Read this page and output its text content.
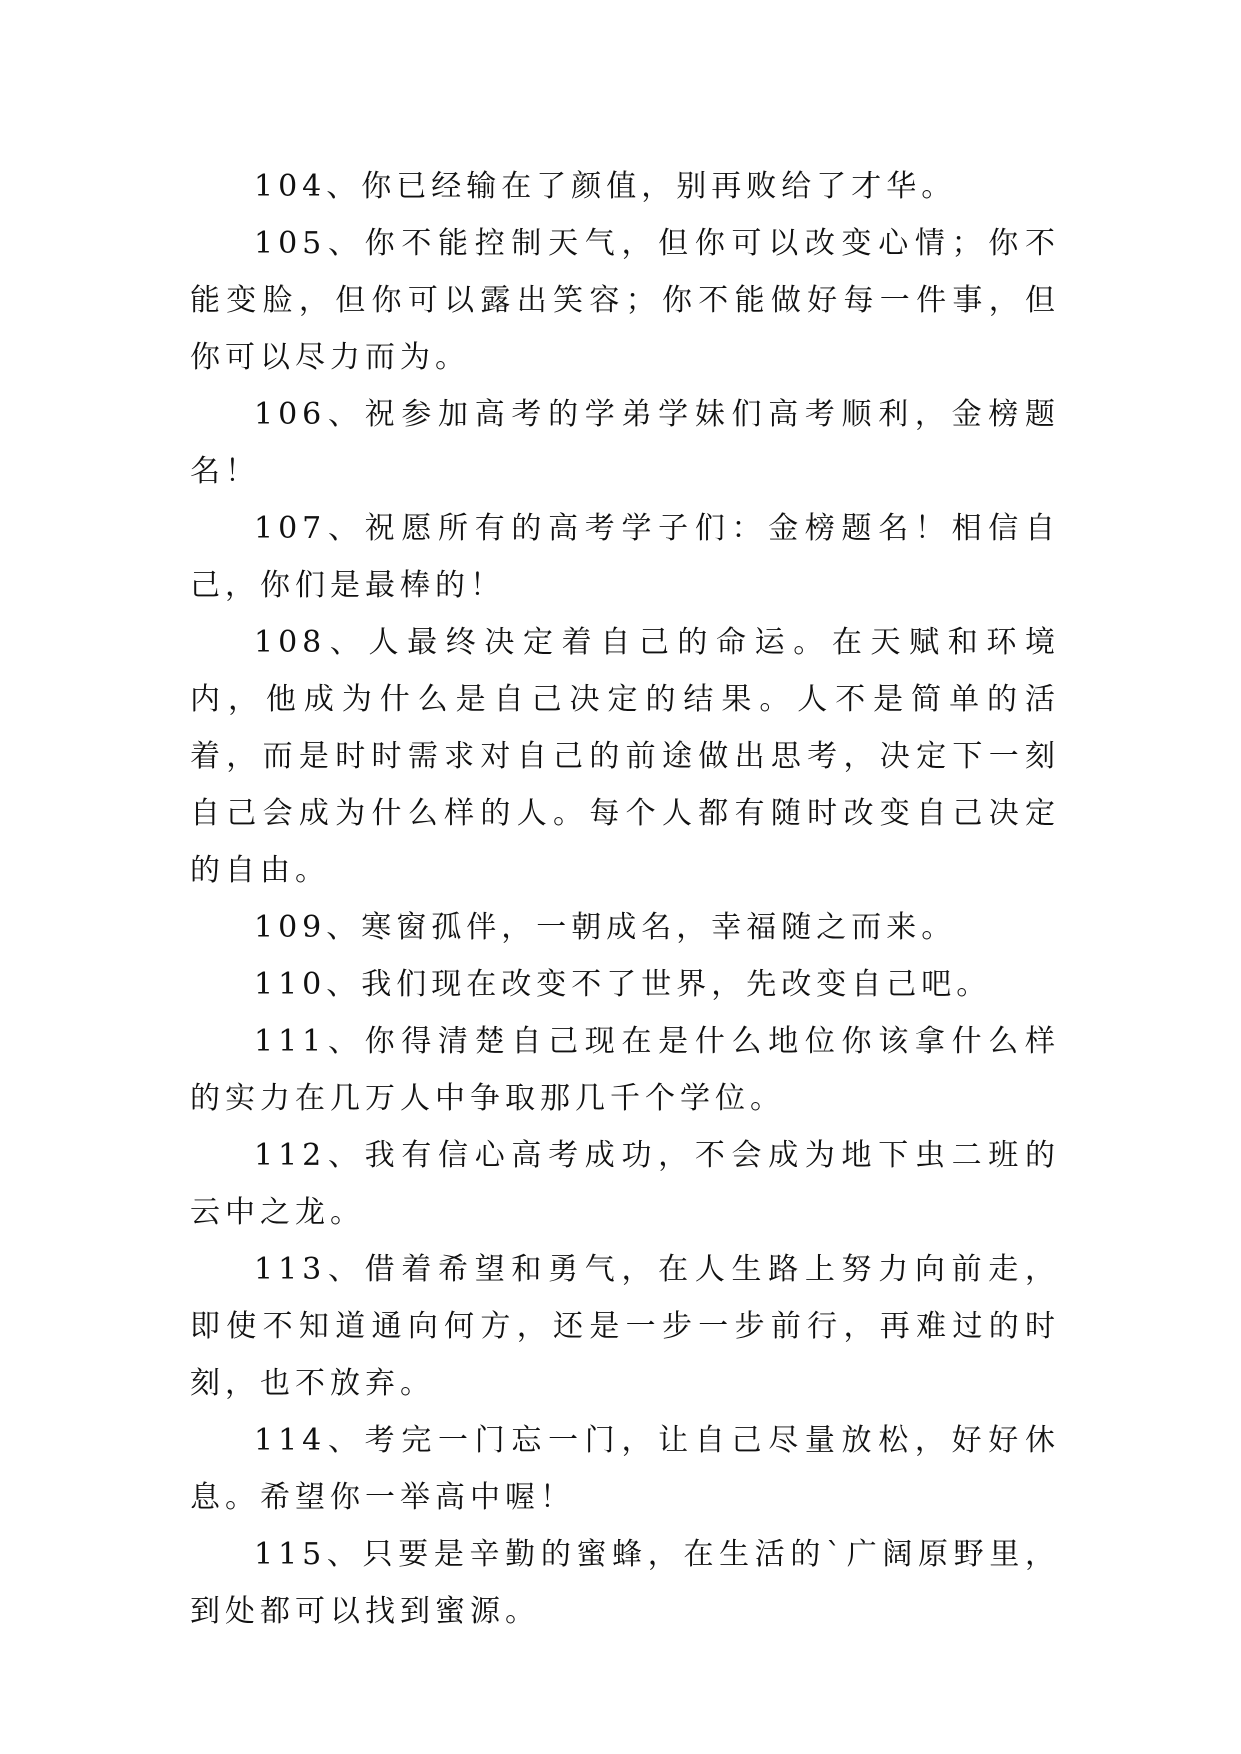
104、你已经输在了颜值，别再败给了才华。

105、你不能控制天气，但你可以改变心情；你不能变脸，但你可以露出笑容；你不能做好每一件事，但你可以尽力而为。

106、祝参加高考的学弟学妹们高考顺利，金榜题名！

107、祝愿所有的高考学子们：金榜题名！相信自己，你们是最棒的！

108、人最终决定着自己的命运。在天赋和环境内，他成为什么是自己决定的结果。人不是简单的活着，而是时时需求对自己的前途做出思考，决定下一刻自己会成为什么样的人。每个人都有随时改变自己决定的自由。

109、寒窗孤伴，一朝成名，幸福随之而来。

110、我们现在改变不了世界，先改变自己吧。

111、你得清楚自己现在是什么地位你该拿什么样的实力在几万人中争取那几千个学位。

112、我有信心高考成功，不会成为地下虫二班的云中之龙。

113、借着希望和勇气，在人生路上努力向前走，即使不知道通向何方，还是一步一步前行，再难过的时刻，也不放弃。

114、考完一门忘一门，让自己尽量放松，好好休息。希望你一举高中喔！

115、只要是辛勤的蜜蜂，在生活的`广阔原野里，到处都可以找到蜜源。
